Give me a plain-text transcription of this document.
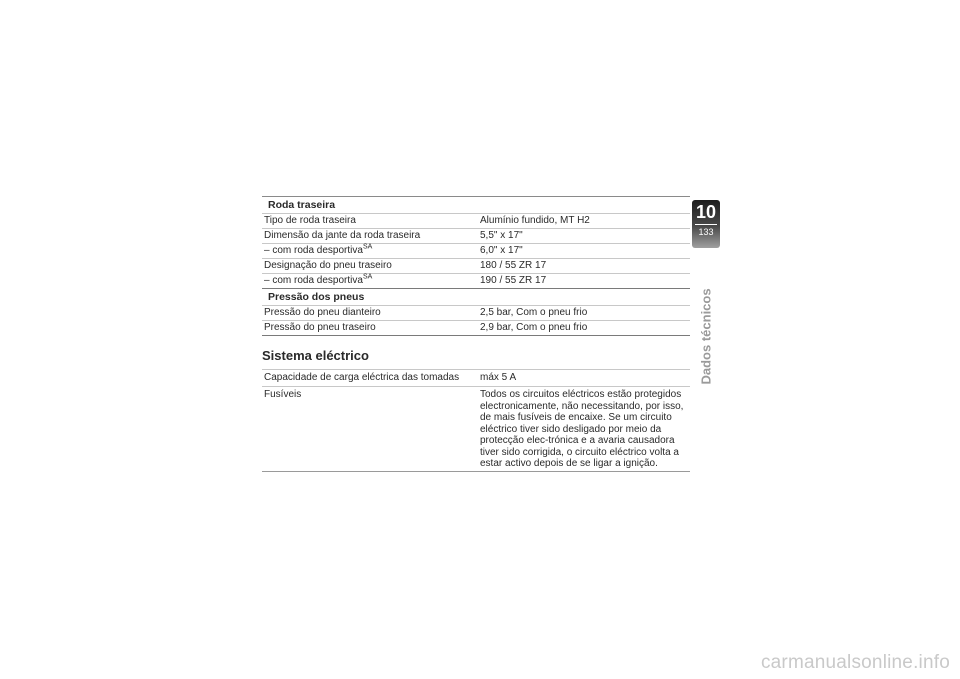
Roda traseira
Tipo de roda traseira	Alumínio fundido, MT H2
Dimensão da jante da roda traseira	5,5" x 17"
– com roda desportiva$^{SA}$	6,0" x 17"
Designação do pneu traseiro	180 / 55 ZR 17
– com roda desportiva$^{SA}$	190 / 55 ZR 17
Pressão dos pneus
Pressão do pneu dianteiro	2,5 bar, Com o pneu frio
Pressão do pneu traseiro	2,9 bar, Com o pneu frio
Sistema eléctrico
Capacidade de carga eléctrica das tomadas	máx 5 A
Fusíveis	Todos os circuitos eléctricos estão protegidos electronicamente, não necessitando, por isso, de mais fusíveis de encaixe. Se um circuito eléctrico tiver sido desligado por meio da protecção elec-trónica e a avaria causadora tiver sido corrigida, o circuito eléctrico volta a estar activo depois de se ligar a ignição.
10
133
Dados técnicos
carmanualsonline.info
